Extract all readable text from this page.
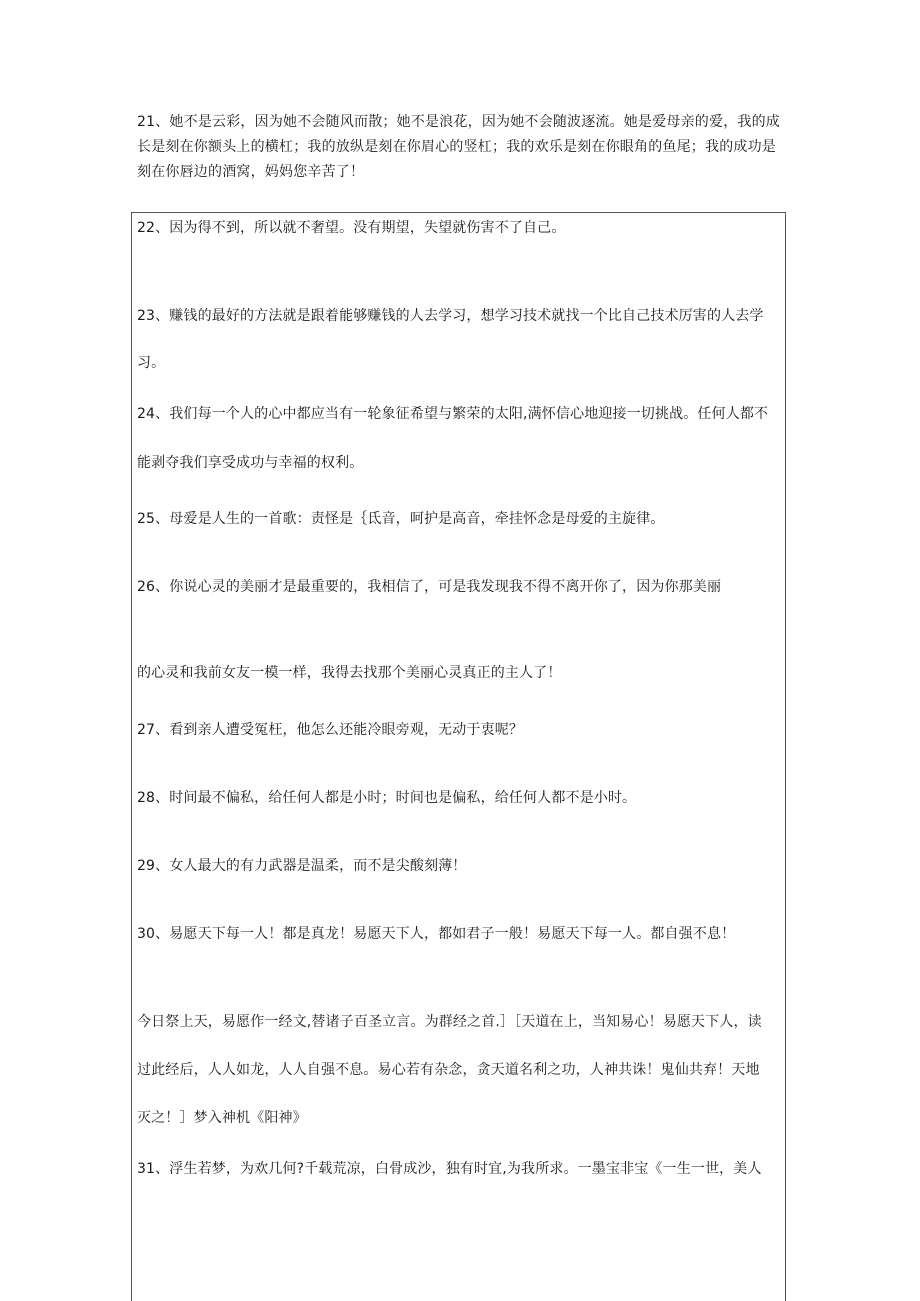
21、她不是云彩，因为她不会随风而散；她不是浪花，因为她不会随波逐流。她是爱母亲的爱，我的成长是刻在你额头上的横杠；我的放纵是刻在你眉心的竖杠；我的欢乐是刻在你眼角的鱼尾；我的成功是刻在你唇边的酒窝，妈妈您辛苦了！

22、因为得不到，所以就不奢望。没有期望，失望就伤害不了自己。
23、赚钱的最好的方法就是跟着能够赚钱的人去学习，想学习技术就找一个比自己技术厉害的人去学
习。
24、我们每一个人的心中都应当有一轮象征希望与繁荣的太阳,满怀信心地迎接一切挑战。任何人都不
能剥夺我们享受成功与幸福的权利。
25、母爱是人生的一首歌：责怪是｛氐音，呵护是高音，牵挂怀念是母爱的主旋律。
26、你说心灵的美丽才是最重要的，我相信了，可是我发现我不得不离开你了，因为你那美丽
的心灵和我前女友一模一样，我得去找那个美丽心灵真正的主人了！
27、看到亲人遭受冤枉，他怎么还能冷眼旁观，无动于衷呢？
28、时间最不偏私，给任何人都是小时；时间也是偏私，给任何人都不是小时。
29、女人最大的有力武器是温柔，而不是尖酸刻薄！
30、易愿天下每一人！都是真龙！易愿天下人，都如君子一般！易愿天下每一人。都自强不息！
今日祭上天，易愿作一经文,替诸子百圣立言。为群经之首.］［天道在上，当知易心！易愿天下人，读
过此经后，人人如龙，人人自强不息。易心若有杂念，贪天道名利之功，人神共诛！鬼仙共弃！天地
灭之！］梦入神机《阳神》
31、浮生若梦，为欢几何?千载荒凉，白骨成沙，独有时宜,为我所求。一墨宝非宝《一生一世，美人
